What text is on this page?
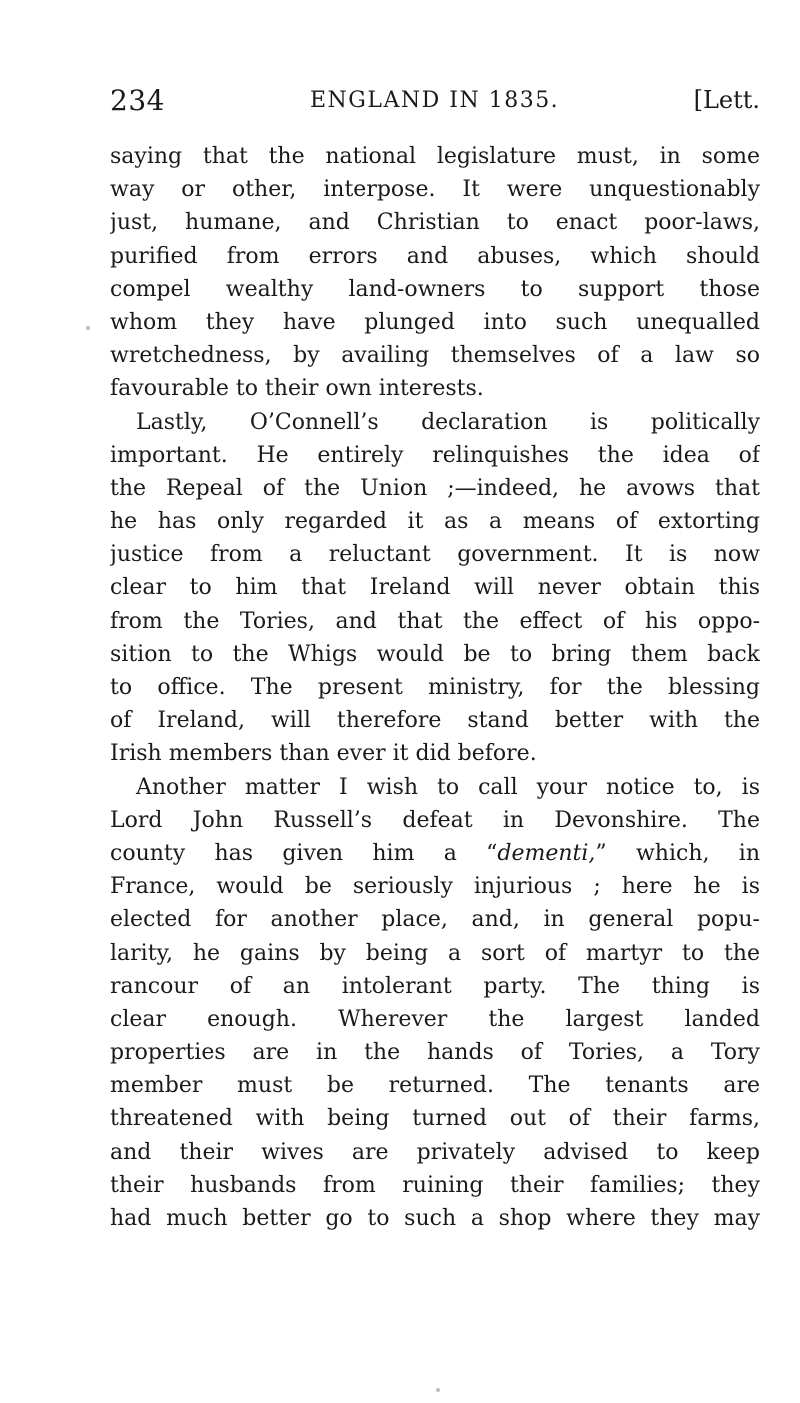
234	ENGLAND IN 1835.	[Lett.
saying that the national legislature must, in some
way or other, interpose. It were unquestionably
just, humane, and Christian to enact poor-laws,
purified from errors and abuses, which should
compel wealthy land-owners to support those
whom they have plunged into such unequalled
wretchedness, by availing themselves of a law so
favourable to their own interests.
Lastly, O’Connell’s declaration is politically
important. He entirely relinquishes the idea of
the Repeal of the Union ;—indeed, he avows that
he has only regarded it as a means of extorting
justice from a reluctant government. It is now
clear to him that Ireland will never obtain this
from the Tories, and that the effect of his oppo-
sition to the Whigs would be to bring them back
to office. The present ministry, for the blessing
of Ireland, will therefore stand better with the
Irish members than ever it did before.
Another matter I wish to call your notice to, is
Lord John Russell’s defeat in Devonshire. The
county has given him a “dementi,” which, in
France, would be seriously injurious ; here he is
elected for another place, and, in general popu-
larity, he gains by being a sort of martyr to the
rancour of an intolerant party. The thing is
clear enough. Wherever the largest landed
properties are in the hands of Tories, a Tory
member must be returned. The tenants are
threatened with being turned out of their farms,
and their wives are privately advised to keep
their husbands from ruining their families; they
had much better go to such a shop where they may
